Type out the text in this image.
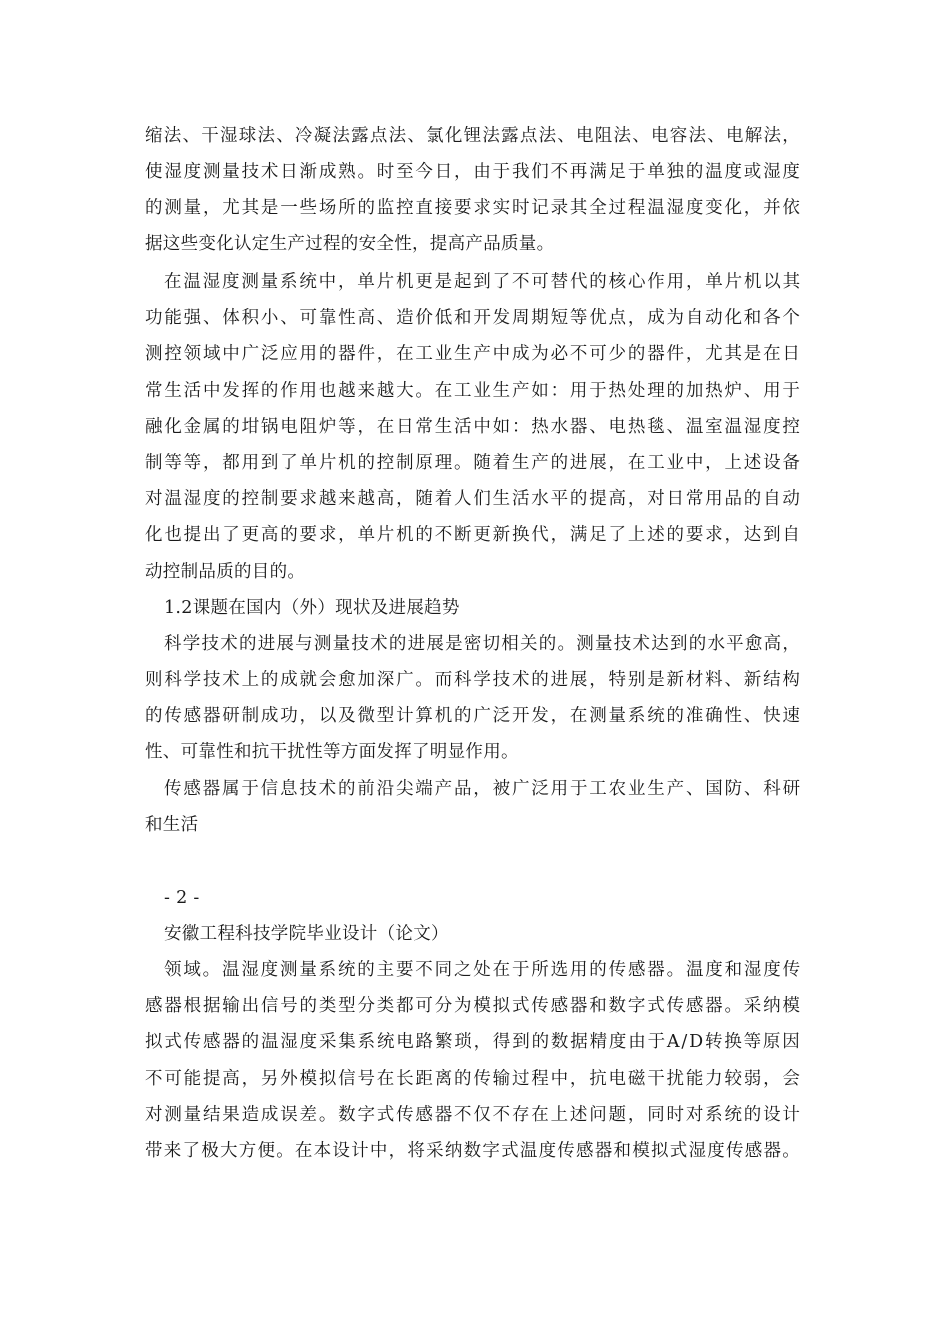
缩法、干湿球法、冷凝法露点法、氯化锂法露点法、电阻法、电容法、电解法，
使湿度测量技术日渐成熟。时至今日，由于我们不再满足于单独的温度或湿度
的测量，尤其是一些场所的监控直接要求实时记录其全过程温湿度变化，并依
据这些变化认定生产过程的安全性，提高产品质量。
在温湿度测量系统中，单片机更是起到了不可替代的核心作用，单片机以其
功能强、体积小、可靠性高、造价低和开发周期短等优点，成为自动化和各个
测控领域中广泛应用的器件，在工业生产中成为必不可少的器件，尤其是在日
常生活中发挥的作用也越来越大。在工业生产如：用于热处理的加热炉、用于
融化金属的坩锅电阻炉等，在日常生活中如：热水器、电热毯、温室温湿度控
制等等，都用到了单片机的控制原理。随着生产的进展，在工业中，上述设备
对温湿度的控制要求越来越高，随着人们生活水平的提高，对日常用品的自动
化也提出了更高的要求，单片机的不断更新换代，满足了上述的要求，达到自
动控制品质的目的。
1.2课题在国内（外）现状及进展趋势
科学技术的进展与测量技术的进展是密切相关的。测量技术达到的水平愈高，
则科学技术上的成就会愈加深广。而科学技术的进展，特别是新材料、新结构
的传感器研制成功，以及微型计算机的广泛开发，在测量系统的准确性、快速
性、可靠性和抗干扰性等方面发挥了明显作用。
传感器属于信息技术的前沿尖端产品，被广泛用于工农业生产、国防、科研
和生活
- 2 -
安徽工程科技学院毕业设计（论文）
领域。温湿度测量系统的主要不同之处在于所选用的传感器。温度和湿度传
感器根据输出信号的类型分类都可分为模拟式传感器和数字式传感器。采纳模
拟式传感器的温湿度采集系统电路繁琐，得到的数据精度由于A/D转换等原因
不可能提高，另外模拟信号在长距离的传输过程中，抗电磁干扰能力较弱，会
对测量结果造成误差。数字式传感器不仅不存在上述问题，同时对系统的设计
带来了极大方便。在本设计中，将采纳数字式温度传感器和模拟式湿度传感器。
